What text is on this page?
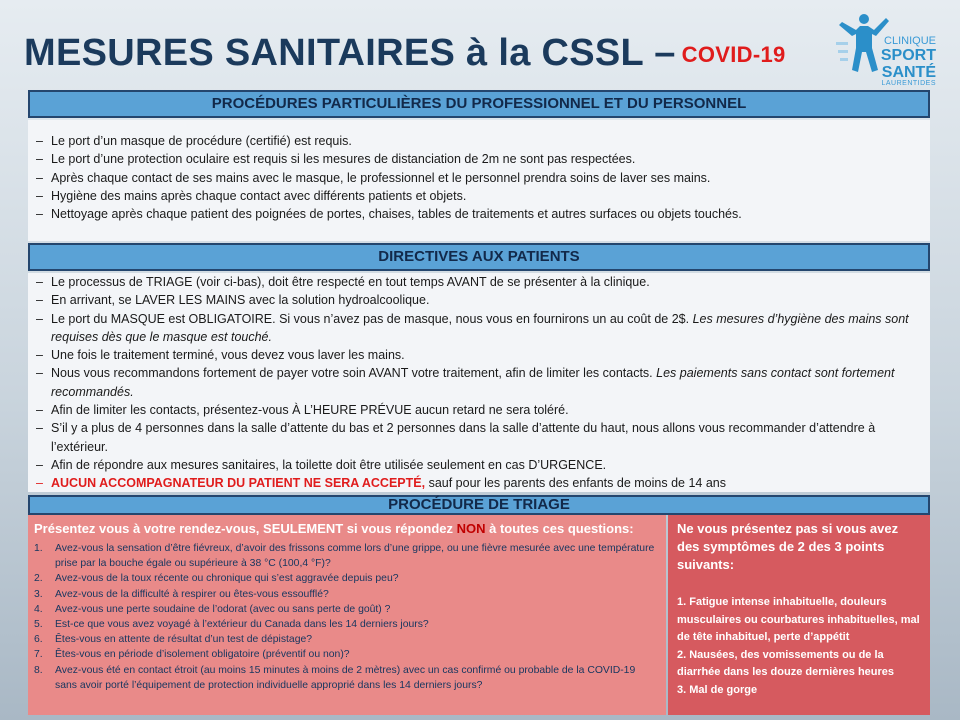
MESURES SANITAIRES à la CSSL – COVID-19
CLINIQUE
SPORT
SANTÉ
LAURENTIDES
PROCÉDURES PARTICULIÈRES DU PROFESSIONNEL ET DU PERSONNEL
– Le port d’un masque de procédure (certifié) est requis.
– Le port d’une protection oculaire est requis si les mesures de distanciation de 2m ne sont pas respectées.
– Après chaque contact de ses mains avec le masque, le professionnel et le personnel prendra soins de laver ses mains.
– Hygiène des mains après chaque contact avec différents patients et objets.
– Nettoyage après chaque patient des poignées de portes, chaises, tables de traitements et autres surfaces ou objets touchés.
DIRECTIVES AUX PATIENTS
– Le processus de TRIAGE (voir ci-bas), doit être respecté en tout temps AVANT de se présenter à la clinique.
– En arrivant, se LAVER LES MAINS avec la solution hydroalcoolique.
– Le port du MASQUE est OBLIGATOIRE. Si vous n’avez pas de masque, nous vous en fournirons un au coût de 2$. Les mesures d’hygiène des mains sont requises dès que le masque est touché.
– Une fois le traitement terminé, vous devez vous laver les mains.
– Nous vous recommandons fortement de payer votre soin AVANT votre traitement, afin de limiter les contacts. Les paiements sans contact sont fortement recommandés.
– Afin de limiter les contacts, présentez-vous À L’HEURE PRÉVUE aucun retard ne sera toléré.
– S’il y a plus de 4 personnes dans la salle d’attente du bas et 2 personnes dans la salle d’attente du haut, nous allons vous recommander d’attendre à l’extérieur.
– Afin de répondre aux mesures sanitaires, la toilette doit être utilisée seulement en cas D’URGENCE.
– AUCUN ACCOMPAGNATEUR DU PATIENT NE SERA ACCEPTÉ, sauf pour les parents des enfants de moins de 14 ans
PROCÉDURE DE TRIAGE
Présentez vous à votre rendez-vous, SEULEMENT si vous répondez NON à toutes ces questions:
1. Avez-vous la sensation d’être fiévreux, d’avoir des frissons comme lors d’une grippe, ou une fièvre mesurée avec une température prise par la bouche égale ou supérieure à 38 °C (100,4 °F)?
2. Avez-vous de la toux récente ou chronique qui s’est aggravée depuis peu?
3. Avez-vous de la difficulté à respirer ou êtes-vous essoufflé?
4. Avez-vous une perte soudaine de l’odorat (avec ou sans perte de goût) ?
5. Est-ce que vous avez voyagé à l’extérieur du Canada dans les 14 derniers jours?
6. Êtes-vous en attente de résultat d’un test de dépistage?
7. Êtes-vous en période d’isolement obligatoire (préventif ou non)?
8. Avez-vous été en contact étroit (au moins 15 minutes à moins de 2 mètres) avec un cas confirmé ou probable de la COVID-19 sans avoir porté l’équipement de protection individuelle approprié dans les 14 derniers jours?
Ne vous présentez pas si vous avez des symptômes de 2 des 3 points suivants:
1. Fatigue intense inhabituelle, douleurs musculaires ou courbatures inhabituelles, mal de tête inhabituel, perte d’appétit
2. Nausées, des vomissements ou de la diarrhée dans les douze dernières heures
3. Mal de gorge
